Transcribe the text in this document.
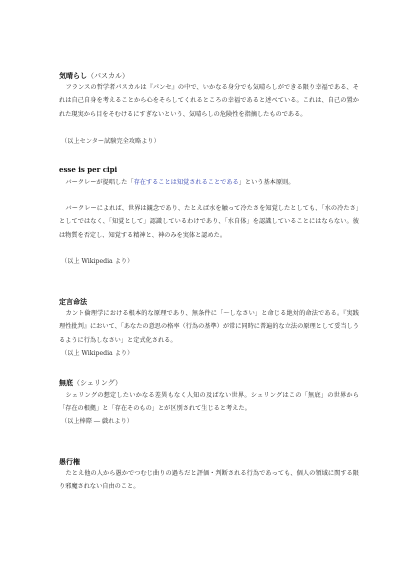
気晴らし（パスカル）
フランスの哲学者パスカルは『パンセ』の中で、いかなる身分でも気晴らしができる限り幸福である、それは自己自身を考えることから心をそらしてくれるところの幸福であると述べている。これは、自己の置かれた現実から目をそむけるにすぎないという、気晴らしの危険性を指摘したものである。
（以上センター試験完全攻略より）
esse is per cipi
バークレーが提唱した「存在することは知覚されることである」という基本原則。
バークレーによれば、世界は観念であり、たとえば水を触って冷たさを知覚したとしても、「水の冷たさ」としてではなく、「知覚として」認識しているわけであり、「水自体」を認識していることにはならない。彼は物質を否定し、知覚する精神と、神のみを実体と認めた。
（以上 Wikipedia より）
定言命法
カント倫理学における根本的な原理であり、無条件に「～しなさい」と命じる絶対的命法である。『実践理性批判』において、「あなたの意思の格率（行為の基準）が常に同時に普遍的な立法の原理として妥当しうるように行為しなさい」と定式化される。
（以上 Wikipedia より）
無底（シェリング）
シェリングの想定したいかなる差異もなく人知の及ばない世界。シェリングはこの「無底」の世界から「存在の根拠」と「存在そのもの」とが区別されて生じると考えた。
（以上棒際 ― 戯れより）
愚行権
たとえ他の人から愚かでつむじ曲りの過ちだと評価・判断される行為であっても、個人の領域に関する限り邪魔されない自由のこと。
